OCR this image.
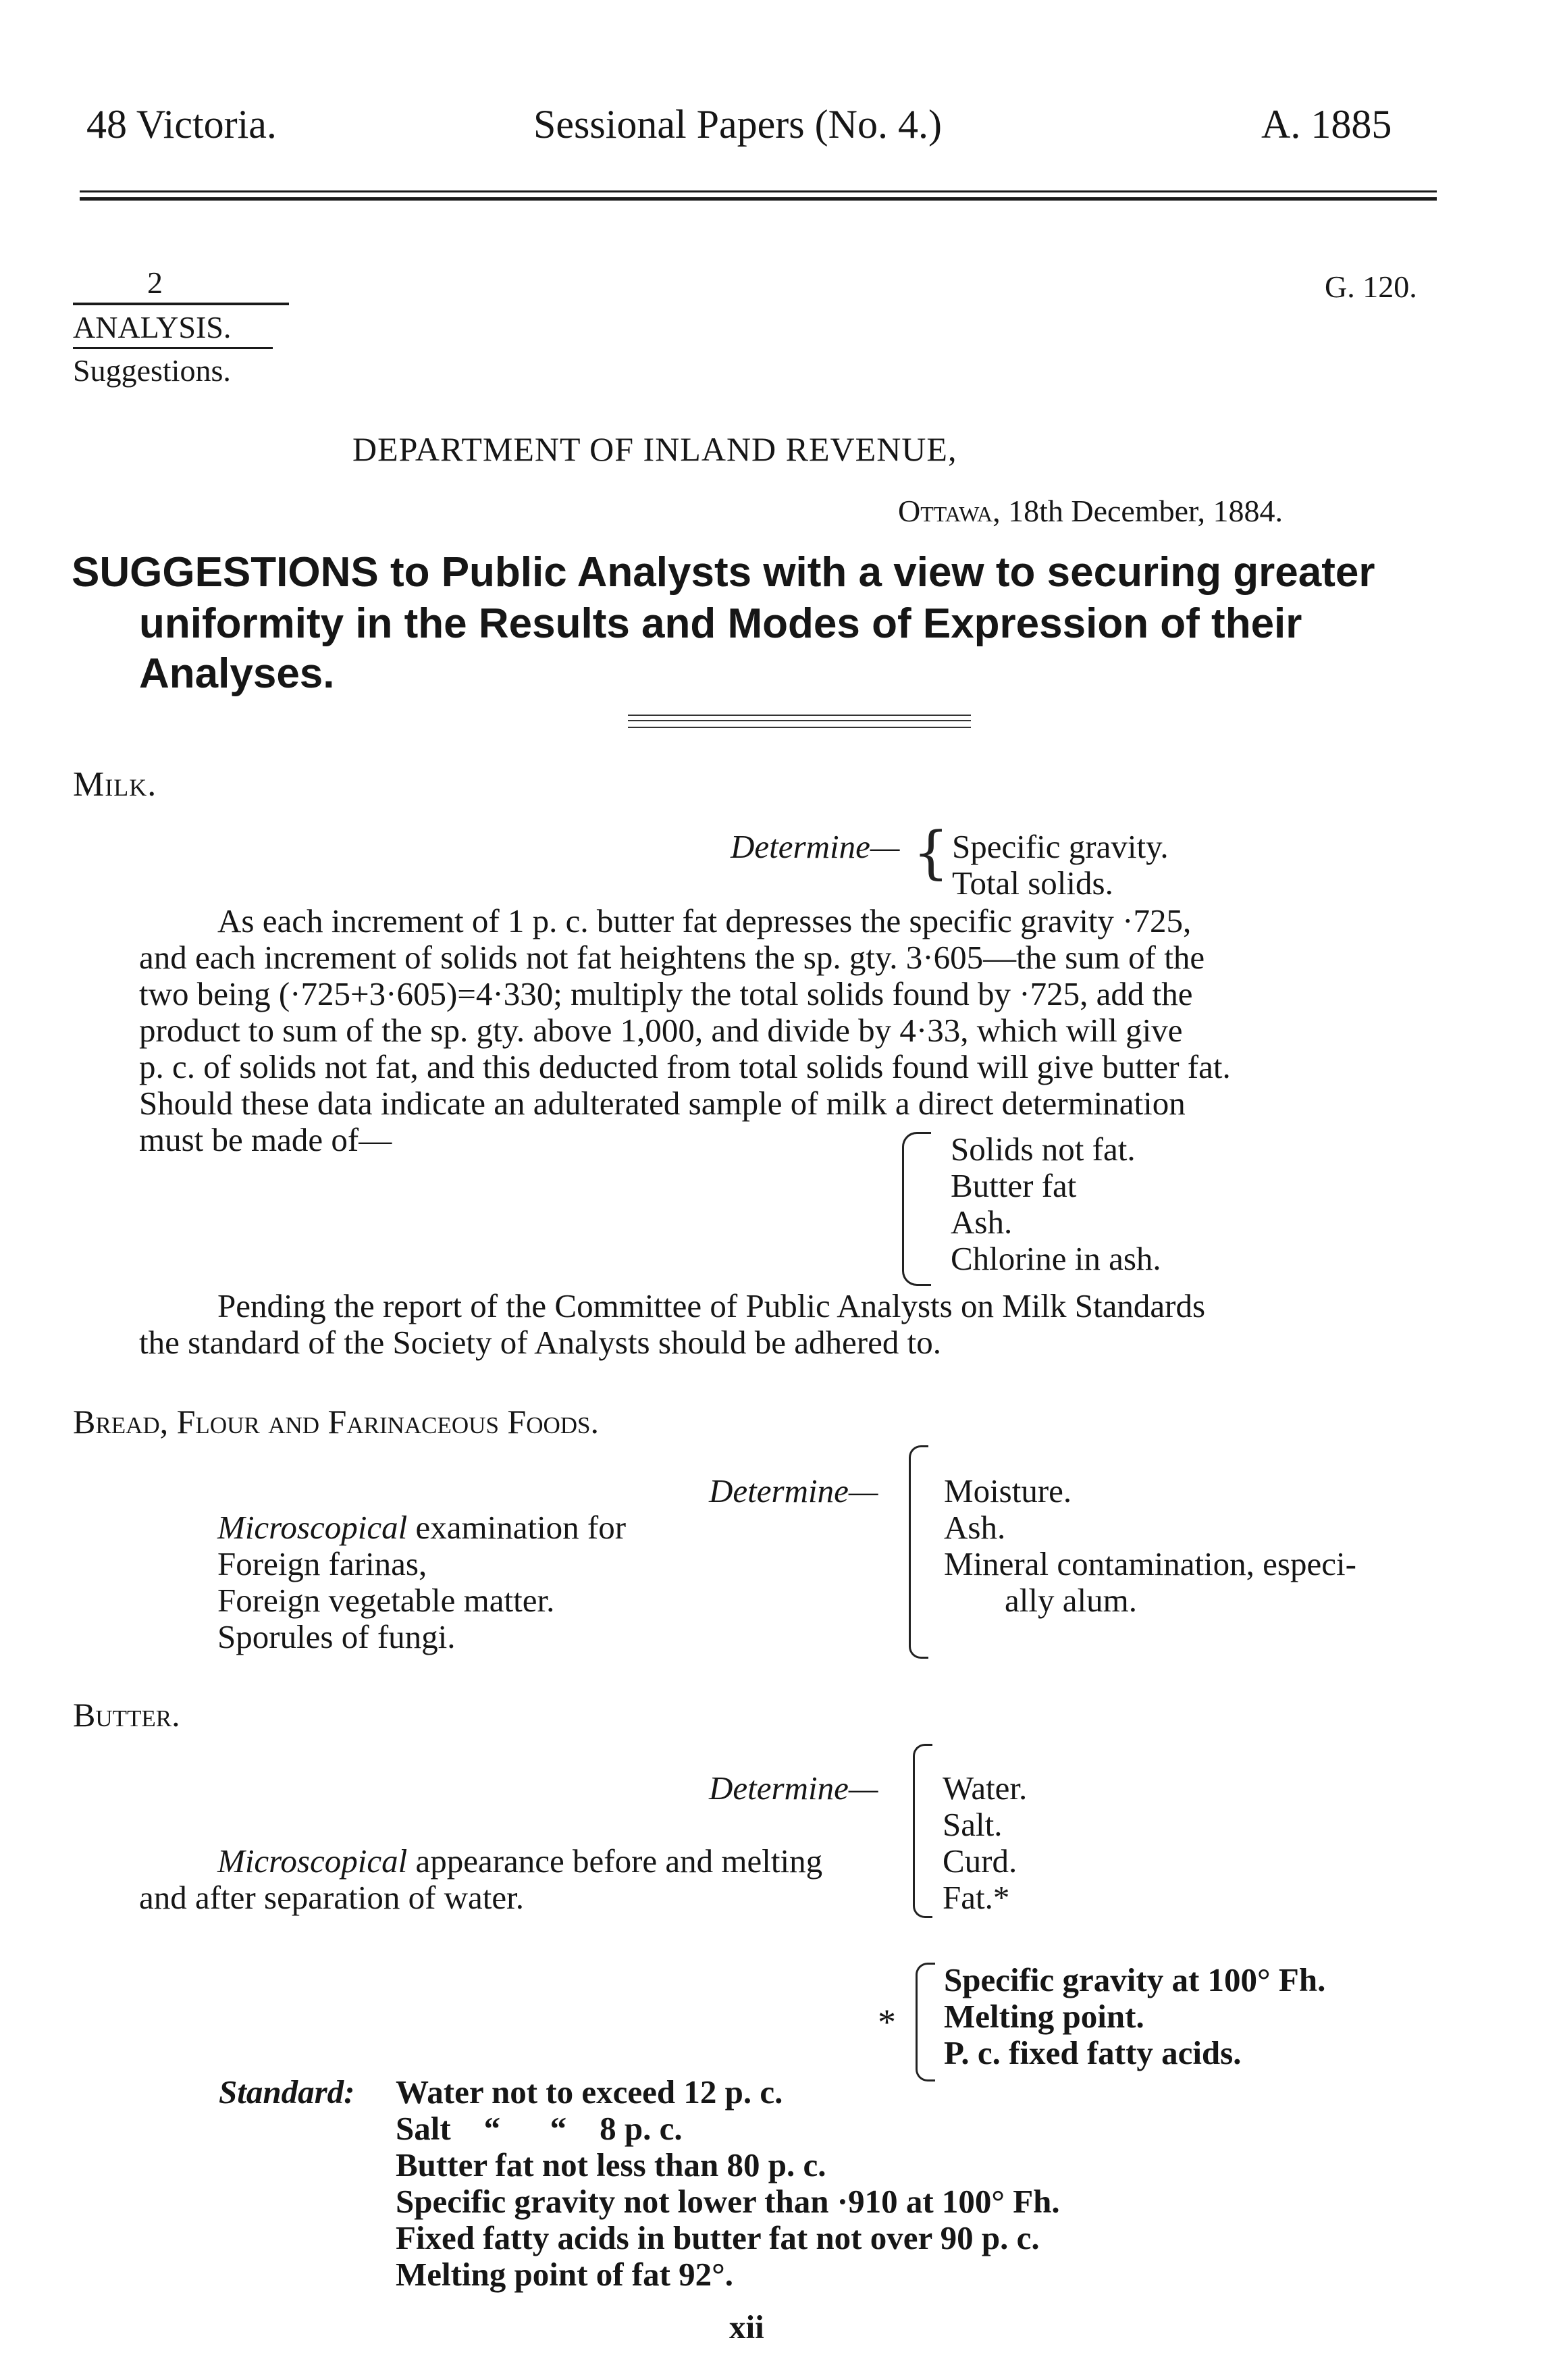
48 Victoria.	Sessional Papers (No. 4.)	A. 1885
2
ANALYSIS.
Suggestions.
G. 120.
DEPARTMENT OF INLAND REVENUE,
Ottawa, 18th December, 1884.
SUGGESTIONS to Public Analysts with a view to securing greater
uniformity in the Results and Modes of Expression of their
Analyses.
Milk.
Determine— { Specific gravity.
Total solids.
As each increment of 1 p. c. butter fat depresses the specific gravity ·725,
and each increment of solids not fat heightens the sp. gty. 3·605—the sum of the
two being (·725+3·605)=4·330; multiply the total solids found by ·725, add the
product to sum of the sp. gty. above 1,000, and divide by 4·33, which will give
p. c. of solids not fat, and this deducted from total solids found will give butter fat.
Should these data indicate an adulterated sample of milk a direct determination
must be made of—	Solids not fat.
Butter fat
Ash.
Chlorine in ash.
Pending the report of the Committee of Public Analysts on Milk Standards
the standard of the Society of Analysts should be adhered to.
Bread, Flour and Farinaceous Foods.
Determine— Moisture.
Ash.
Mineral contamination, especi-
ally alum.
Microscopical examination for
Foreign farinas,
Foreign vegetable matter.
Sporules of fungi.
Butter.
Determine— Water.
Salt.
Curd.
Fat.*
Microscopical appearance before and melting
and after separation of water.
*
Specific gravity at 100° Fh.
Melting point.
P. c. fixed fatty acids.
Standard: Water not to exceed 12 p. c.
Salt    “      “    8 p. c.
Butter fat not less than 80 p. c.
Specific gravity not lower than ·910 at 100° Fh.
Fixed fatty acids in butter fat not over 90 p. c.
Melting point of fat 92°.
xii
